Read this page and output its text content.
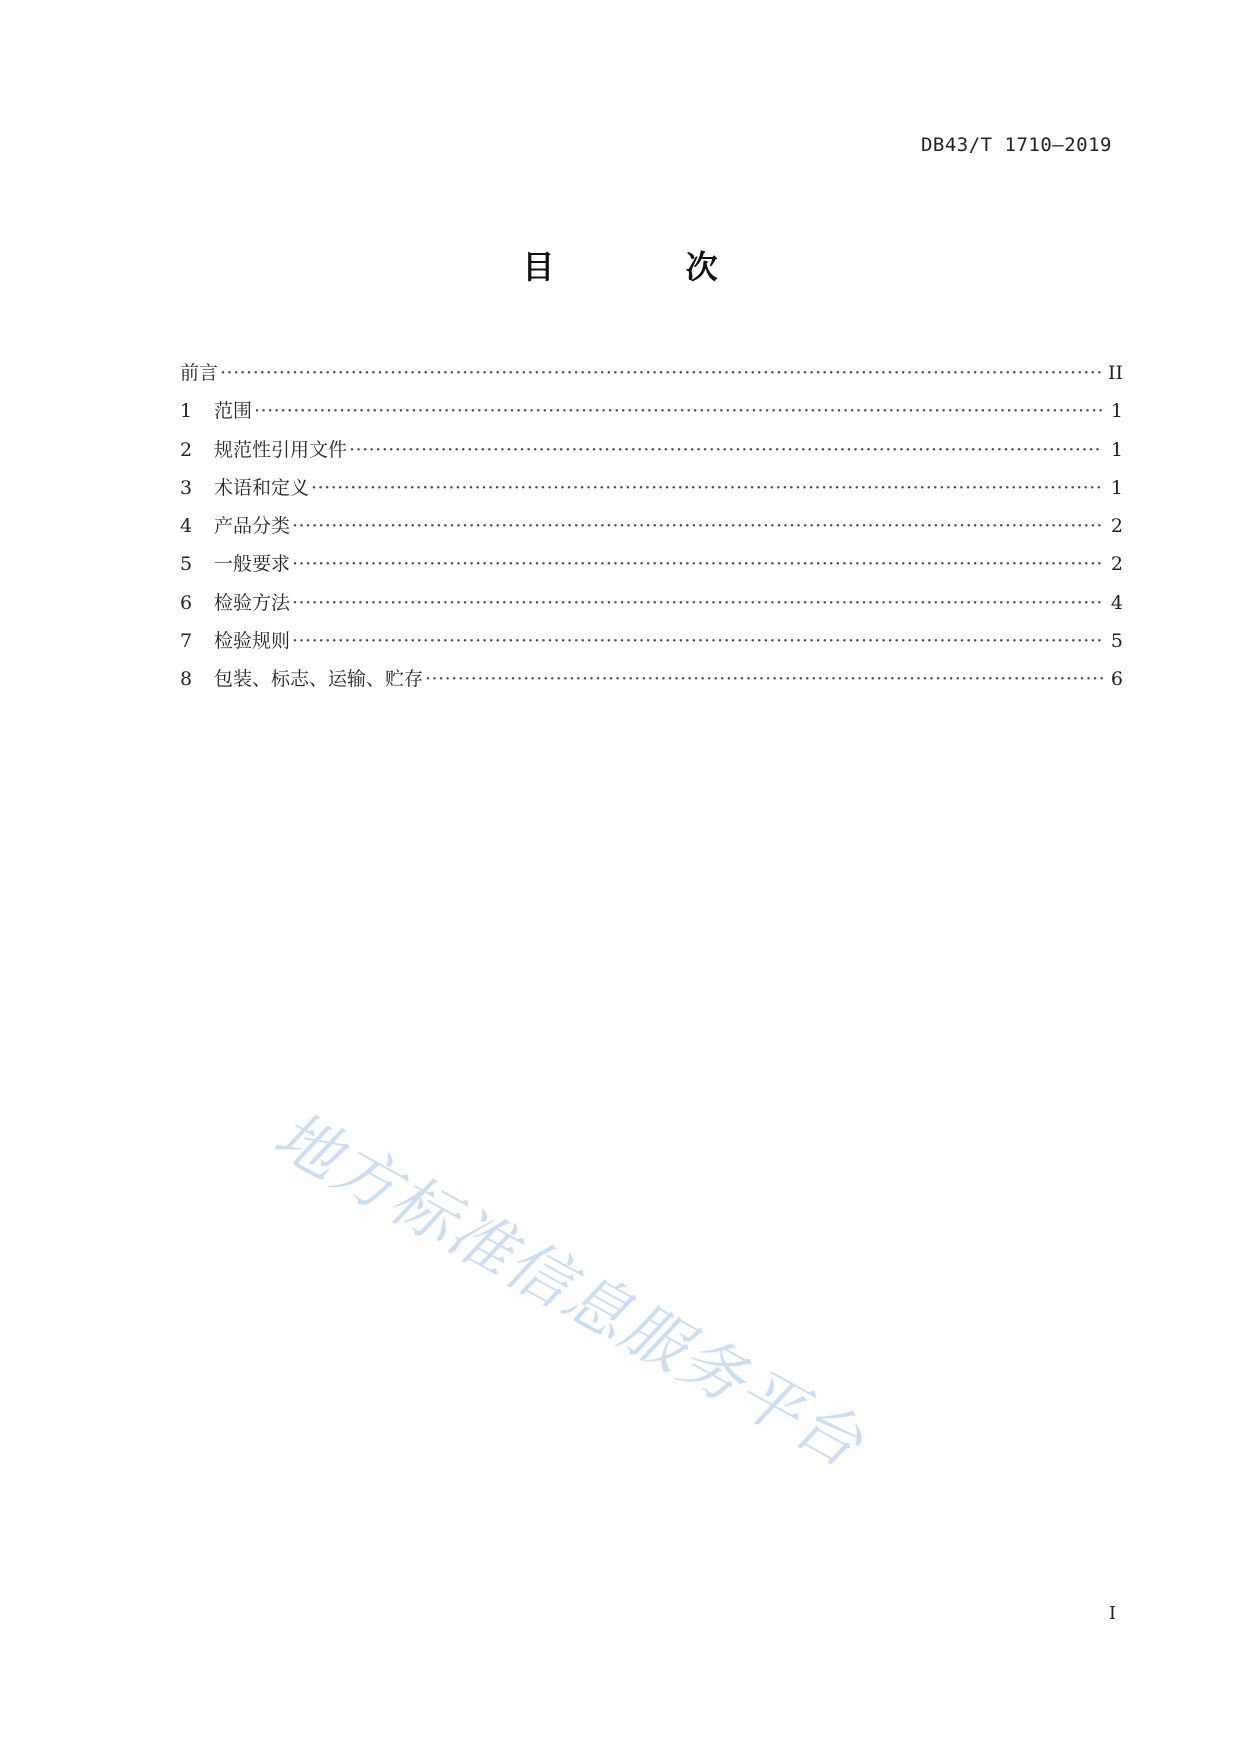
DB43/T 1710—2019
目 次
前言 ·····	II
1	范围 ·····	1
2	规范性引用文件 ·····	1
3	术语和定义 ·····	1
4	产品分类 ·····	2
5	一般要求 ·····	2
6	检验方法 ·····	4
7	检验规则 ·····	5
8	包装、标志、运输、贮存 ·····	6
地方标准信息服务平台
I
